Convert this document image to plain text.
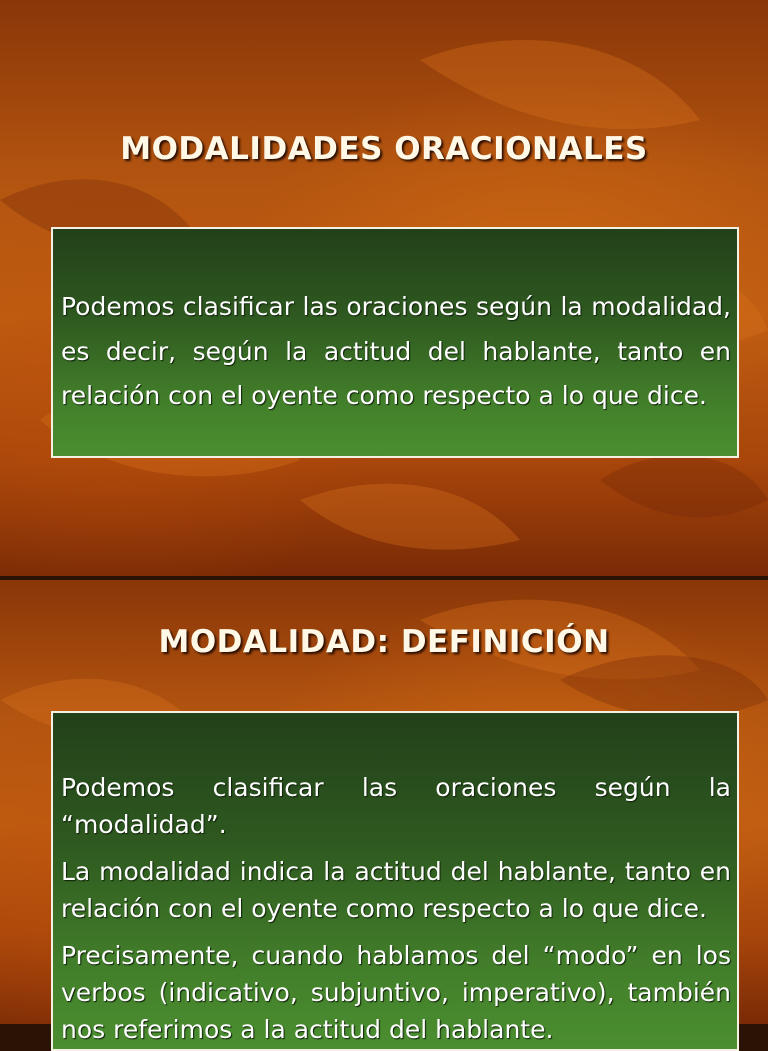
MODALIDADES ORACIONALES
Podemos clasificar las oraciones según la modalidad, es decir, según la actitud del hablante, tanto en relación con el oyente como respecto a lo que dice.
MODALIDAD: DEFINICIÓN

Podemos clasificar las oraciones según la “modalidad”.

La modalidad indica la actitud del hablante, tanto en relación con el oyente como respecto a lo que dice.

Precisamente, cuando hablamos del “modo” en los verbos (indicativo, subjuntivo, imperativo), también nos referimos a la actitud del hablante.
